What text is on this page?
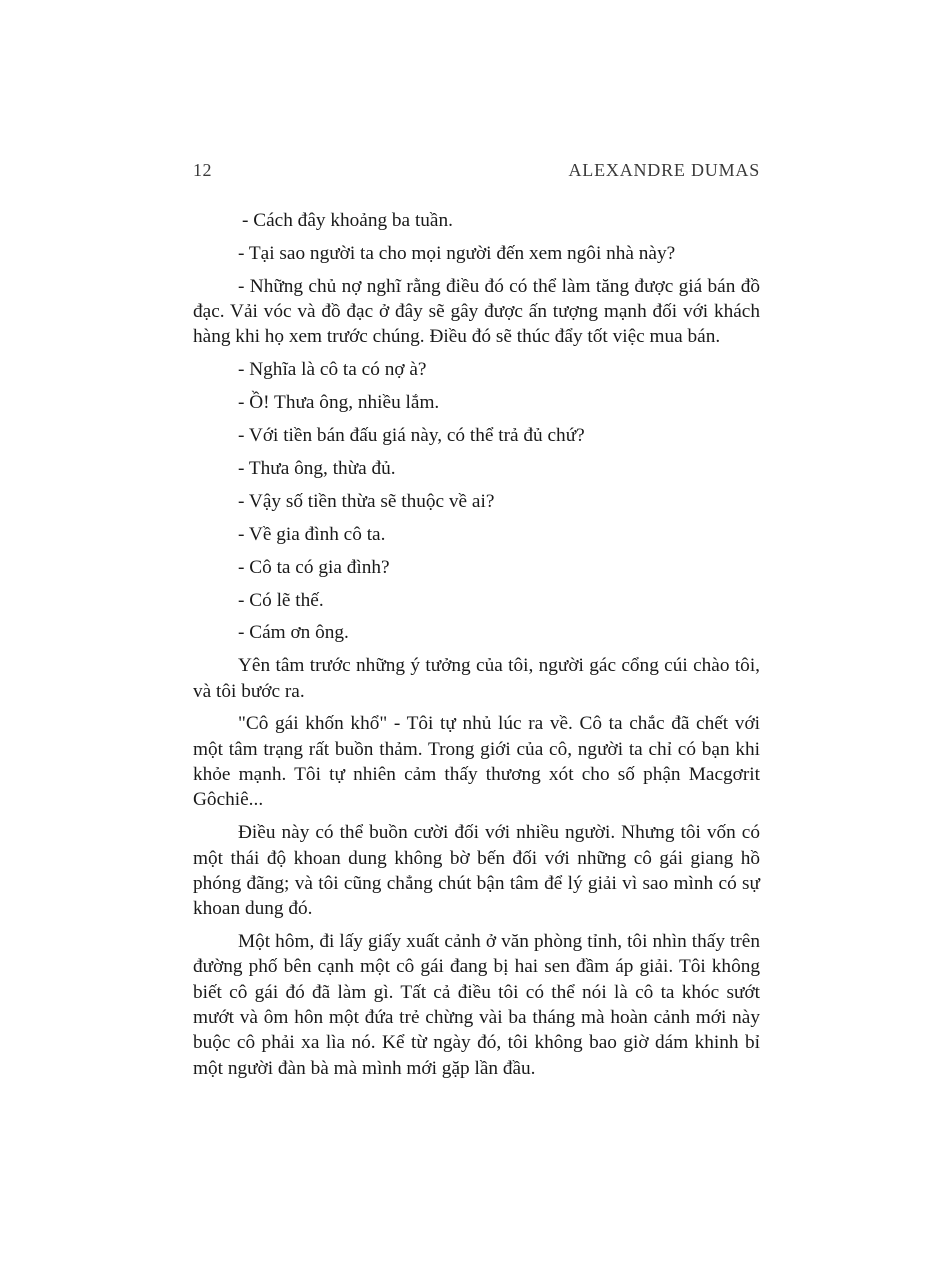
12	ALEXANDRE DUMAS

- Cách đây khoảng ba tuần.

- Tại sao người ta cho mọi người đến xem ngôi nhà này?

- Những chủ nợ nghĩ rằng điều đó có thể làm tăng được giá bán đồ đạc. Vải vóc và đồ đạc ở đây sẽ gây được ấn tượng mạnh đối với khách hàng khi họ xem trước chúng. Điều đó sẽ thúc đẩy tốt việc mua bán.

- Nghĩa là cô ta có nợ à?

- Ồ! Thưa ông, nhiều lắm.

- Với tiền bán đấu giá này, có thể trả đủ chứ?

- Thưa ông, thừa đủ.

- Vậy số tiền thừa sẽ thuộc về ai?

- Về gia đình cô ta.

- Cô ta có gia đình?

- Có lẽ thế.

- Cám ơn ông.

Yên tâm trước những ý tưởng của tôi, người gác cổng cúi chào tôi, và tôi bước ra.

"Cô gái khốn khổ" - Tôi tự nhủ lúc ra về. Cô ta chắc đã chết với một tâm trạng rất buồn thảm. Trong giới của cô, người ta chỉ có bạn khi khỏe mạnh. Tôi tự nhiên cảm thấy thương xót cho số phận Macgơrit Gôchiê...

Điều này có thể buồn cười đối với nhiều người. Nhưng tôi vốn có một thái độ khoan dung không bờ bến đối với những cô gái giang hồ phóng đãng; và tôi cũng chẳng chút bận tâm để lý giải vì sao mình có sự khoan dung đó.

Một hôm, đi lấy giấy xuất cảnh ở văn phòng tỉnh, tôi nhìn thấy trên đường phố bên cạnh một cô gái đang bị hai sen đầm áp giải. Tôi không biết cô gái đó đã làm gì. Tất cả điều tôi có thể nói là cô ta khóc sướt mướt và ôm hôn một đứa trẻ chừng vài ba tháng mà hoàn cảnh mới này buộc cô phải xa lìa nó. Kể từ ngày đó, tôi không bao giờ dám khinh bỉ một người đàn bà mà mình mới gặp lần đầu.
